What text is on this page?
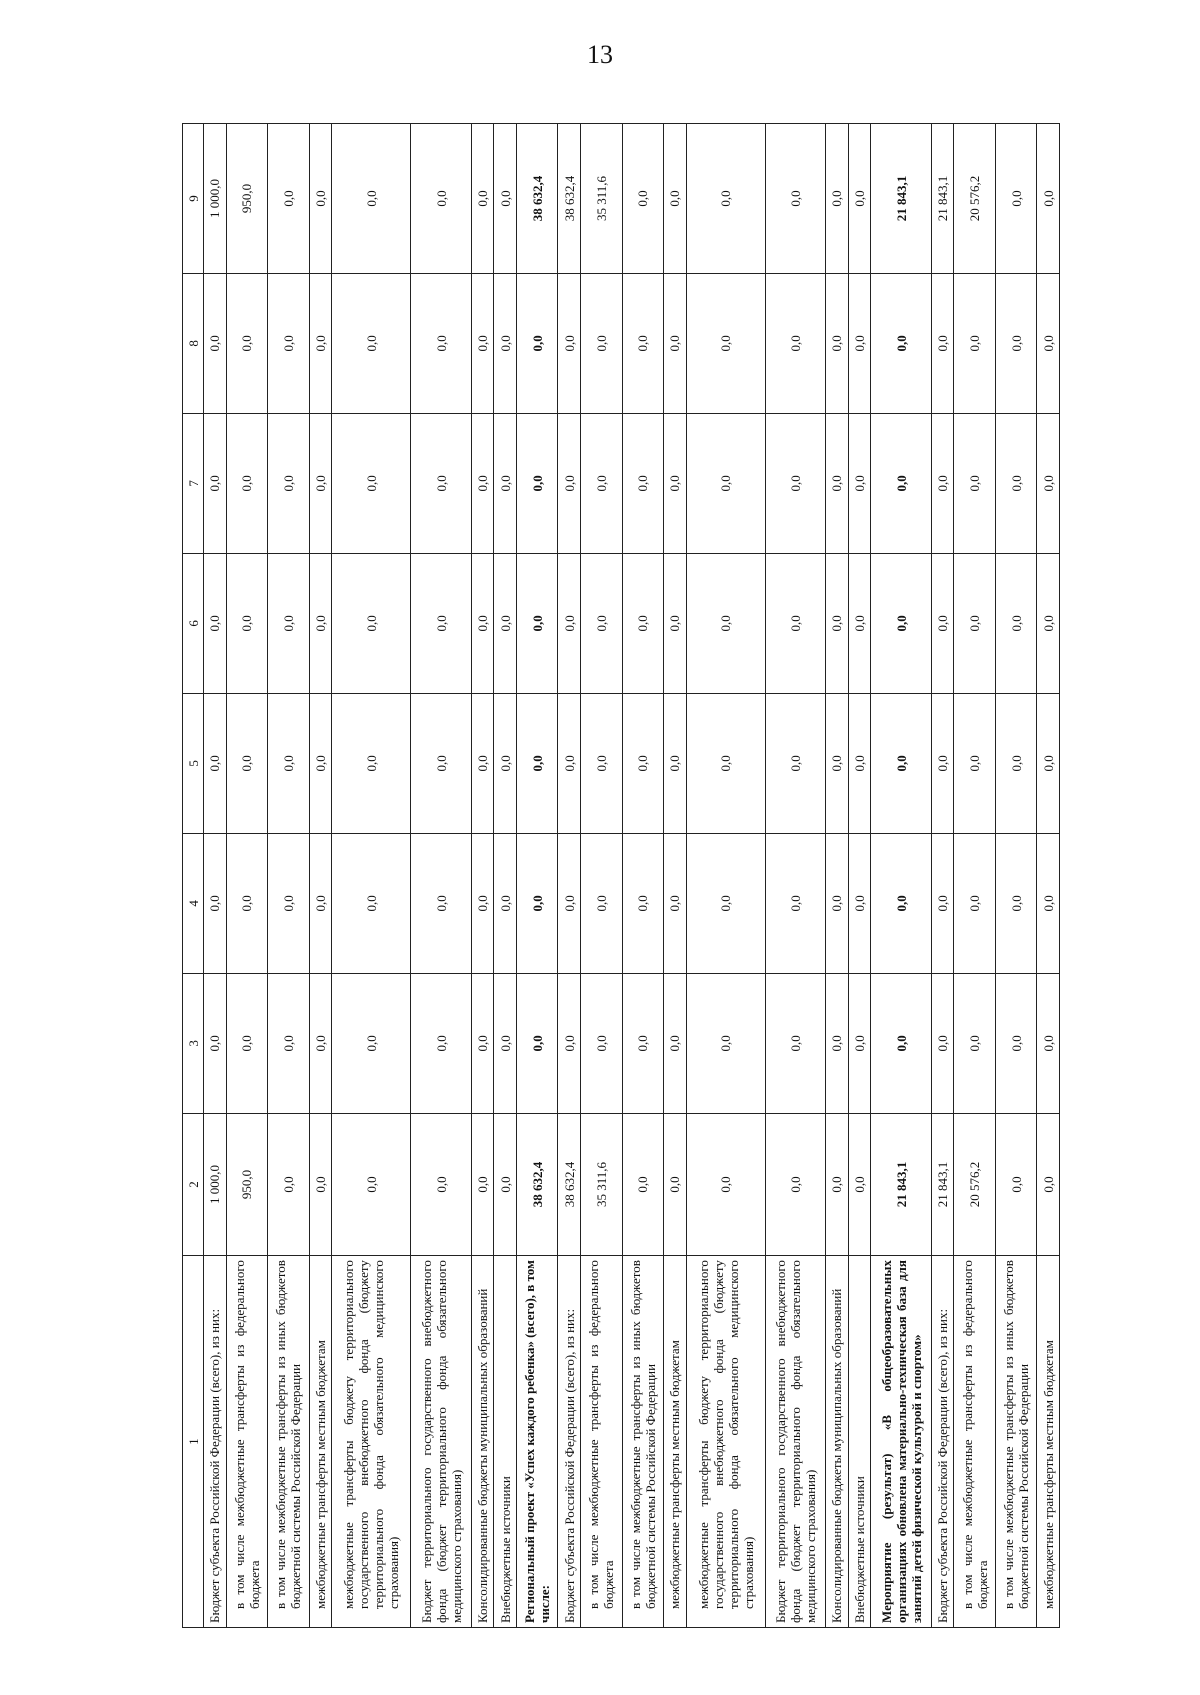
13
1	2	3	4	5	6	7	8	9
Бюджет субъекта Российской Федерации (всего), из них:	1 000,0	0,0	0,0	0,0	0,0	0,0	0,0	1 000,0
в том числе межбюджетные трансферты из федерального бюджета	950,0	0,0	0,0	0,0	0,0	0,0	0,0	950,0
в том числе межбюджетные трансферты из иных бюджетов бюджетной системы Российской Федерации	0,0	0,0	0,0	0,0	0,0	0,0	0,0	0,0
межбюджетные трансферты местным бюджетам	0,0	0,0	0,0	0,0	0,0	0,0	0,0	0,0
межбюджетные трансферты бюджету территориального государственного внебюджетного фонда (бюджету территориального фонда обязательного медицинского страхования)	0,0	0,0	0,0	0,0	0,0	0,0	0,0	0,0
Бюджет территориального государственного внебюджетного фонда (бюджет территориального фонда обязательного медицинского страхования)	0,0	0,0	0,0	0,0	0,0	0,0	0,0	0,0
Консолидированные бюджеты муниципальных образований	0,0	0,0	0,0	0,0	0,0	0,0	0,0	0,0
Внебюджетные источники	0,0	0,0	0,0	0,0	0,0	0,0	0,0	0,0
Региональный проект «Успех каждого ребенка» (всего), в том числе:	38 632,4	0,0	0,0	0,0	0,0	0,0	0,0	38 632,4
Бюджет субъекта Российской Федерации (всего), из них:	38 632,4	0,0	0,0	0,0	0,0	0,0	0,0	38 632,4
в том числе межбюджетные трансферты из федерального бюджета	35 311,6	0,0	0,0	0,0	0,0	0,0	0,0	35 311,6
в том числе межбюджетные трансферты из иных бюджетов бюджетной системы Российской Федерации	0,0	0,0	0,0	0,0	0,0	0,0	0,0	0,0
межбюджетные трансферты местным бюджетам	0,0	0,0	0,0	0,0	0,0	0,0	0,0	0,0
межбюджетные трансферты бюджету территориального государственного внебюджетного фонда (бюджету территориального фонда обязательного медицинского страхования)	0,0	0,0	0,0	0,0	0,0	0,0	0,0	0,0
Бюджет территориального государственного внебюджетного фонда (бюджет территориального фонда обязательного медицинского страхования)	0,0	0,0	0,0	0,0	0,0	0,0	0,0	0,0
Консолидированные бюджеты муниципальных образований	0,0	0,0	0,0	0,0	0,0	0,0	0,0	0,0
Внебюджетные источники	0,0	0,0	0,0	0,0	0,0	0,0	0,0	0,0
Мероприятие (результат) «В общеобразовательных организациях обновлена материально-техническая база для занятий детей физической культурой и спортом»	21 843,1	0,0	0,0	0,0	0,0	0,0	0,0	21 843,1
Бюджет субъекта Российской Федерации (всего), из них:	21 843,1	0,0	0,0	0,0	0,0	0,0	0,0	21 843,1
в том числе межбюджетные трансферты из федерального бюджета	20 576,2	0,0	0,0	0,0	0,0	0,0	0,0	20 576,2
в том числе межбюджетные трансферты из иных бюджетов бюджетной системы Российской Федерации	0,0	0,0	0,0	0,0	0,0	0,0	0,0	0,0
межбюджетные трансферты местным бюджетам	0,0	0,0	0,0	0,0	0,0	0,0	0,0	0,0
